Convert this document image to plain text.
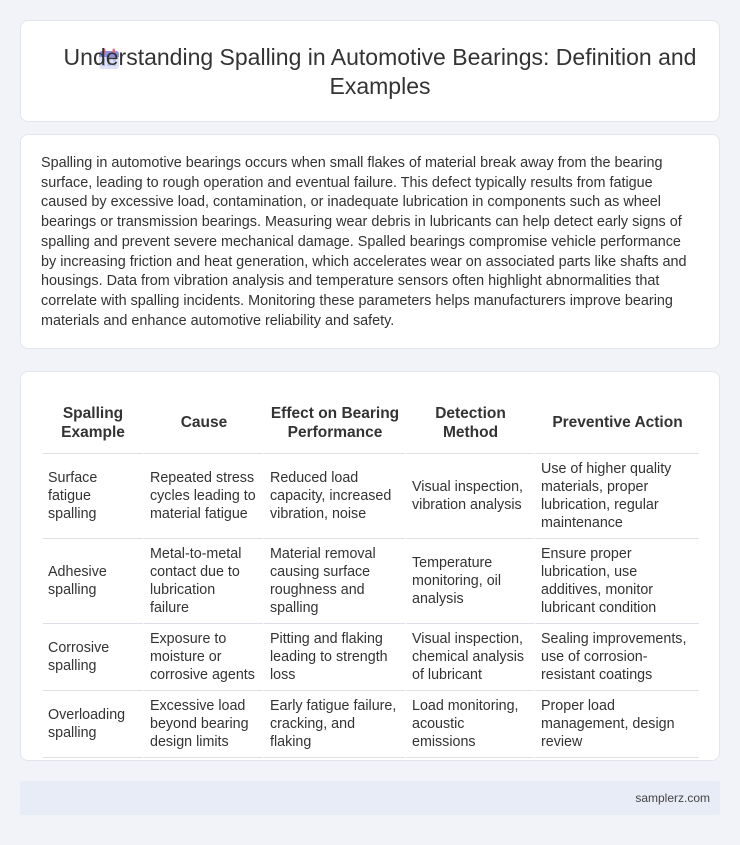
Understanding Spalling in Automotive Bearings: Definition and Examples

Spalling in automotive bearings occurs when small flakes of material break away from the bearing surface, leading to rough operation and eventual failure. This defect typically results from fatigue caused by excessive load, contamination, or inadequate lubrication in components such as wheel bearings or transmission bearings. Measuring wear debris in lubricants can help detect early signs of spalling and prevent severe mechanical damage. Spalled bearings compromise vehicle performance by increasing friction and heat generation, which accelerates wear on associated parts like shafts and housings. Data from vibration analysis and temperature sensors often highlight abnormalities that correlate with spalling incidents. Monitoring these parameters helps manufacturers improve bearing materials and enhance automotive reliability and safety.

Spalling Example	Cause	Effect on Bearing Performance	Detection Method	Preventive Action
Surface fatigue spalling	Repeated stress cycles leading to material fatigue	Reduced load capacity, increased vibration, noise	Visual inspection, vibration analysis	Use of higher quality materials, proper lubrication, regular maintenance
Adhesive spalling	Metal-to-metal contact due to lubrication failure	Material removal causing surface roughness and spalling	Temperature monitoring, oil analysis	Ensure proper lubrication, use additives, monitor lubricant condition
Corrosive spalling	Exposure to moisture or corrosive agents	Pitting and flaking leading to strength loss	Visual inspection, chemical analysis of lubricant	Sealing improvements, use of corrosion-resistant coatings
Overloading spalling	Excessive load beyond bearing design limits	Early fatigue failure, cracking, and flaking	Load monitoring, acoustic emissions	Proper load management, design review
samplerz.com
